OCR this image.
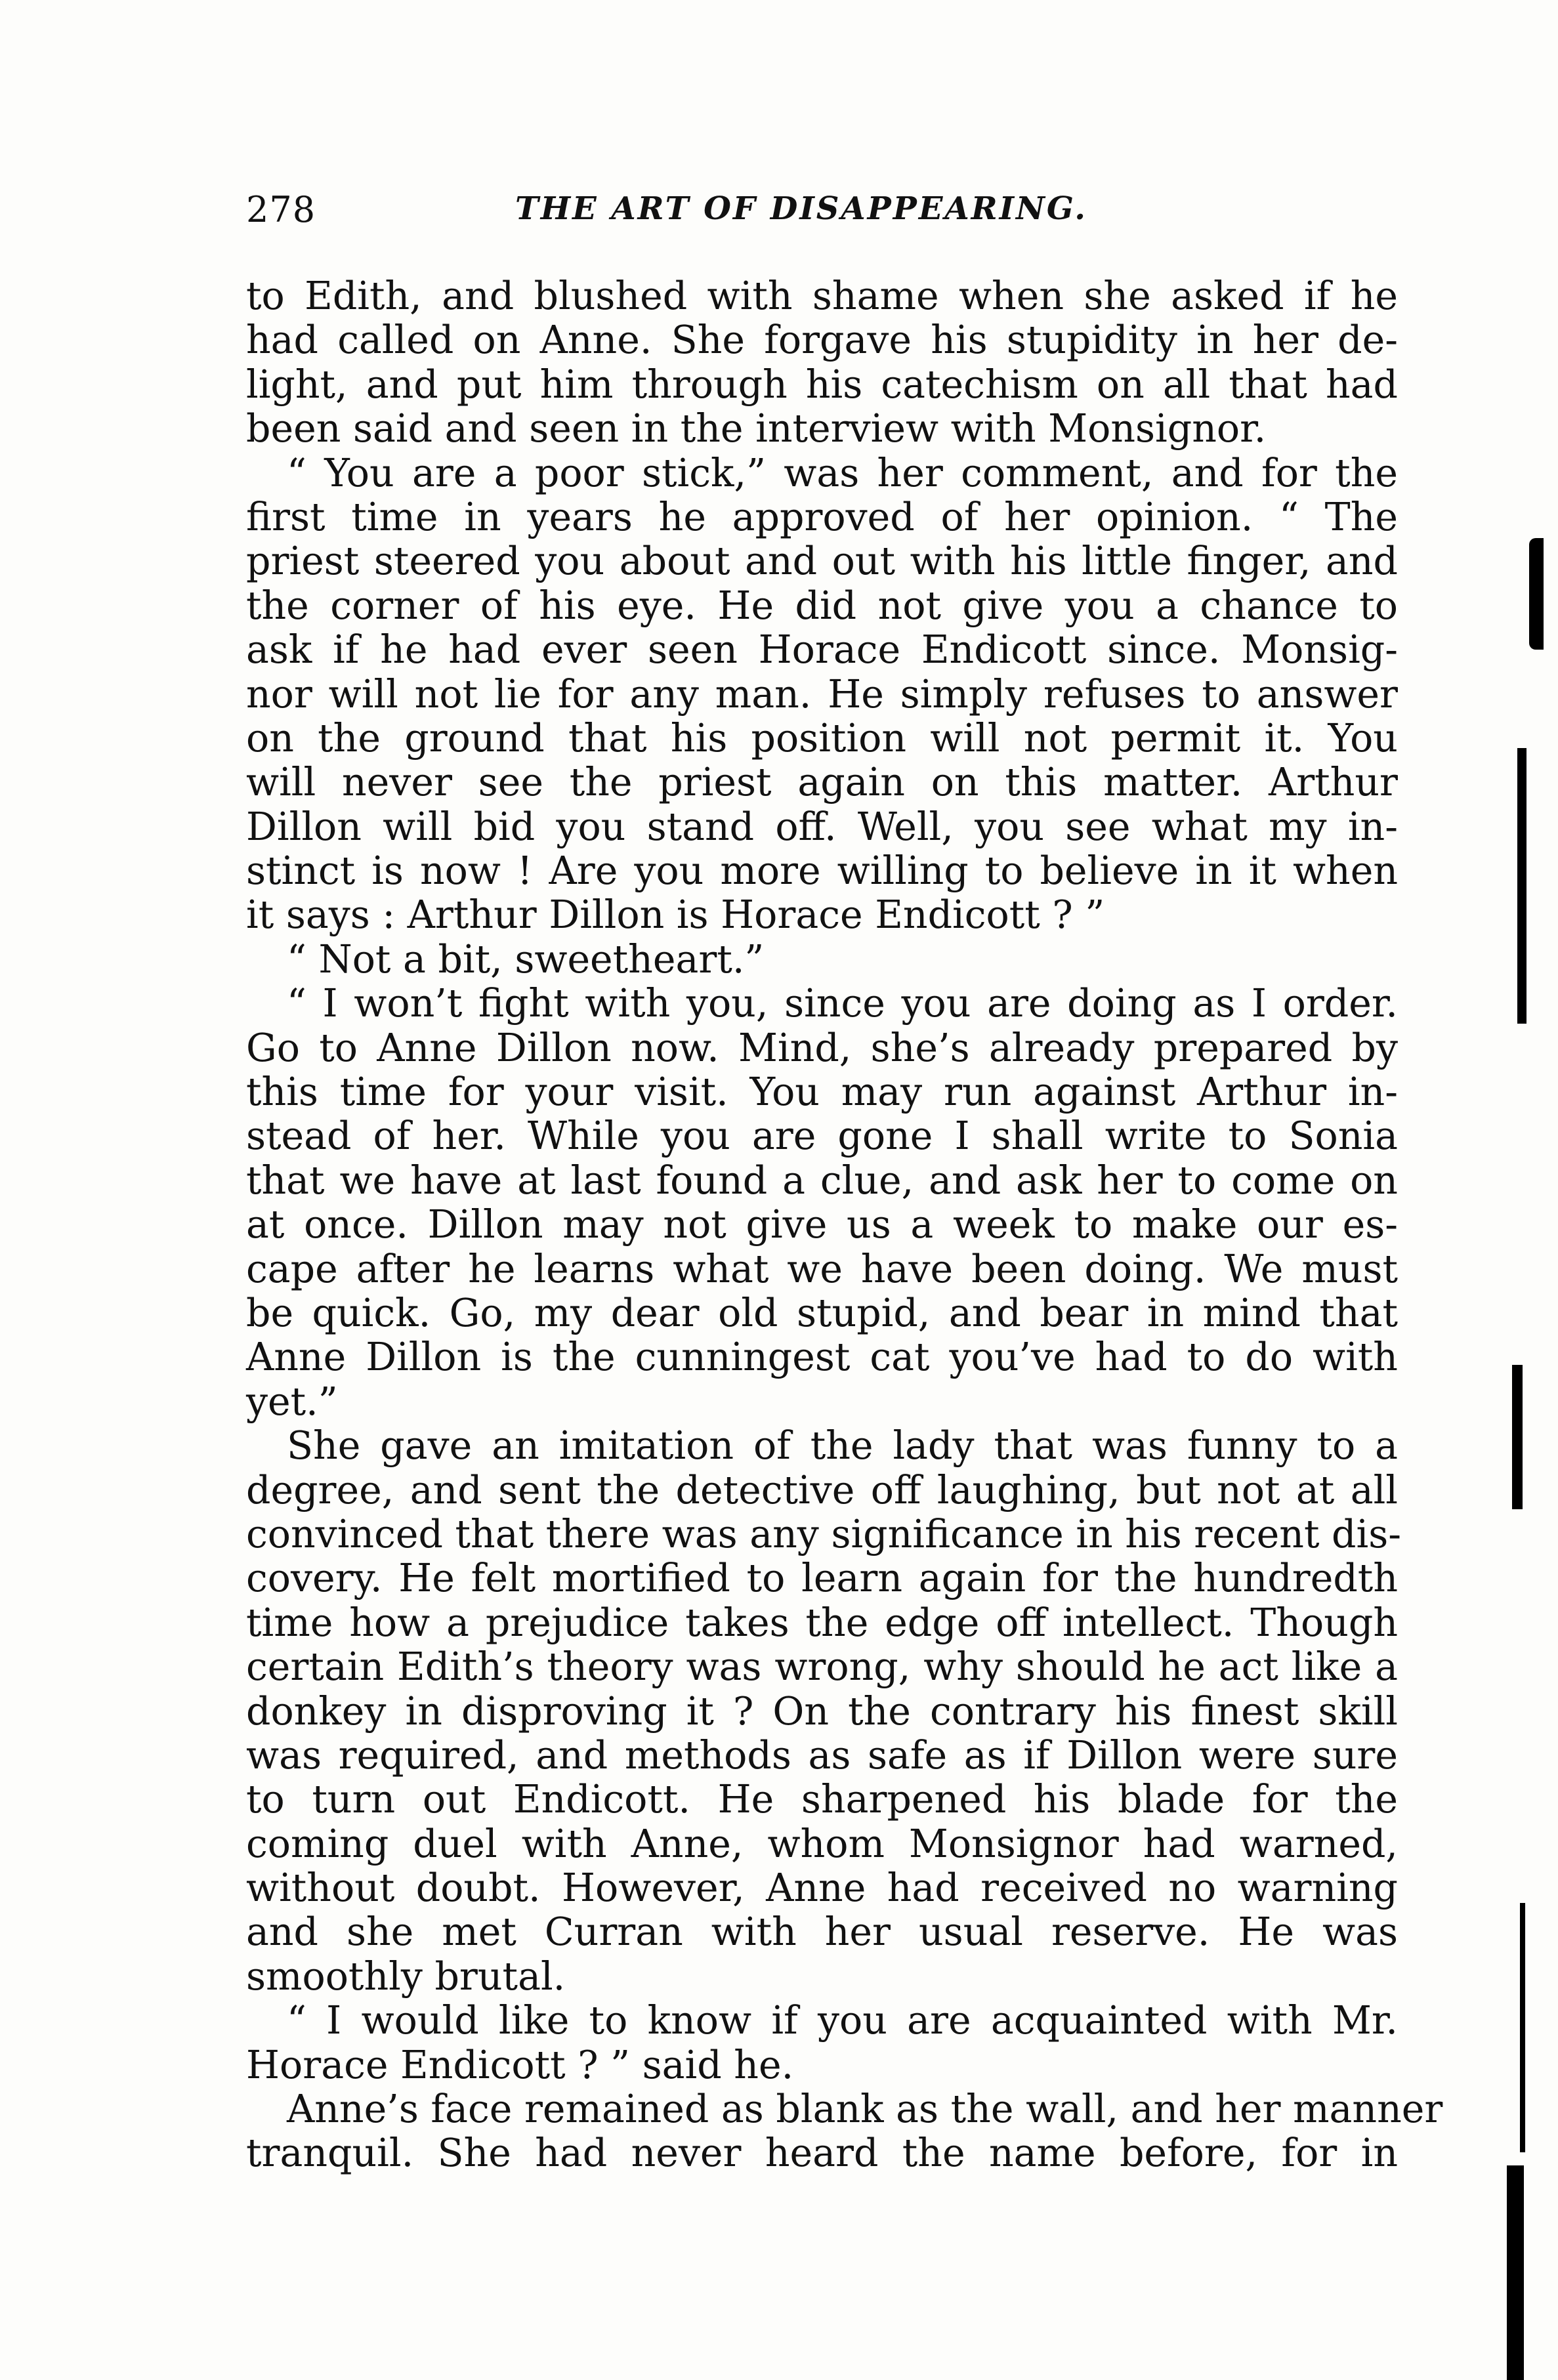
278	THE ART OF DISAPPEARING.
to Edith, and blushed with shame when she asked if he
had called on Anne. She forgave his stupidity in her de-
light, and put him through his catechism on all that had
been said and seen in the interview with Monsignor.
“ You are a poor stick,” was her comment, and for the
first time in years he approved of her opinion. “ The
priest steered you about and out with his little finger, and
the corner of his eye. He did not give you a chance to
ask if he had ever seen Horace Endicott since. Monsig-
nor will not lie for any man. He simply refuses to answer
on the ground that his position will not permit it. You
will never see the priest again on this matter. Arthur
Dillon will bid you stand off. Well, you see what my in-
stinct is now ! Are you more willing to believe in it when
it says : Arthur Dillon is Horace Endicott ? ”
“ Not a bit, sweetheart.”
“ I won’t fight with you, since you are doing as I order.
Go to Anne Dillon now. Mind, she’s already prepared by
this time for your visit. You may run against Arthur in-
stead of her. While you are gone I shall write to Sonia
that we have at last found a clue, and ask her to come on
at once. Dillon may not give us a week to make our es-
cape after he learns what we have been doing. We must
be quick. Go, my dear old stupid, and bear in mind that
Anne Dillon is the cunningest cat you’ve had to do with
yet.”
She gave an imitation of the lady that was funny to a
degree, and sent the detective off laughing, but not at all
convinced that there was any significance in his recent dis-
covery. He felt mortified to learn again for the hundredth
time how a prejudice takes the edge off intellect. Though
certain Edith’s theory was wrong, why should he act like a
donkey in disproving it ? On the contrary his finest skill
was required, and methods as safe as if Dillon were sure
to turn out Endicott. He sharpened his blade for the
coming duel with Anne, whom Monsignor had warned,
without doubt. However, Anne had received no warning
and she met Curran with her usual reserve. He was
smoothly brutal.
“ I would like to know if you are acquainted with Mr.
Horace Endicott ? ” said he.
Anne’s face remained as blank as the wall, and her manner
tranquil. She had never heard the name before, for in
